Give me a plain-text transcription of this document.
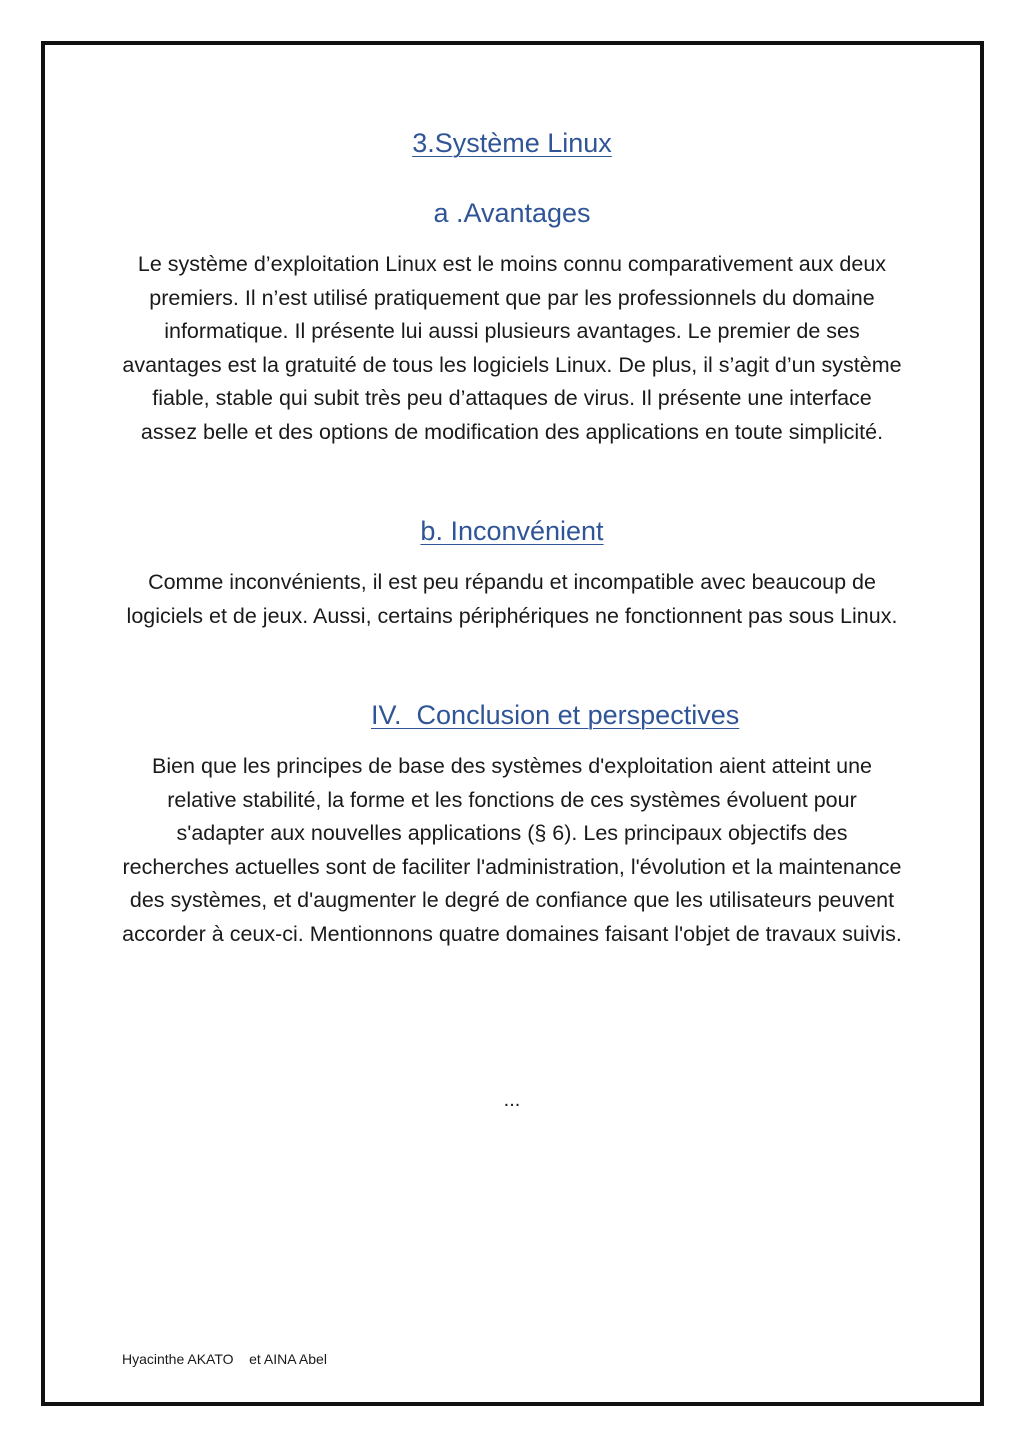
3.Système Linux
a .Avantages

Le système d’exploitation Linux est le moins connu comparativement aux deux premiers. Il n’est utilisé pratiquement que par les professionnels du domaine informatique. Il présente lui aussi plusieurs avantages. Le premier de ses avantages est la gratuité de tous les logiciels Linux. De plus, il s’agit d’un système fiable, stable qui subit très peu d’attaques de virus. Il présente une interface assez belle et des options de modification des applications en toute simplicité.

b. Inconvénient

Comme inconvénients, il est peu répandu et incompatible avec beaucoup de logiciels et de jeux. Aussi, certains périphériques ne fonctionnent pas sous Linux.

IV.  Conclusion et perspectives

Bien que les principes de base des systèmes d'exploitation aient atteint une relative stabilité, la forme et les fonctions de ces systèmes évoluent pour s'adapter aux nouvelles applications (§ 6). Les principaux objectifs des recherches actuelles sont de faciliter l'administration, l'évolution et la maintenance des systèmes, et d'augmenter le degré de confiance que les utilisateurs peuvent accorder à ceux-ci. Mentionnons quatre domaines faisant l'objet de travaux suivis.

...

Hyacinthe AKATO    et AINA Abel
